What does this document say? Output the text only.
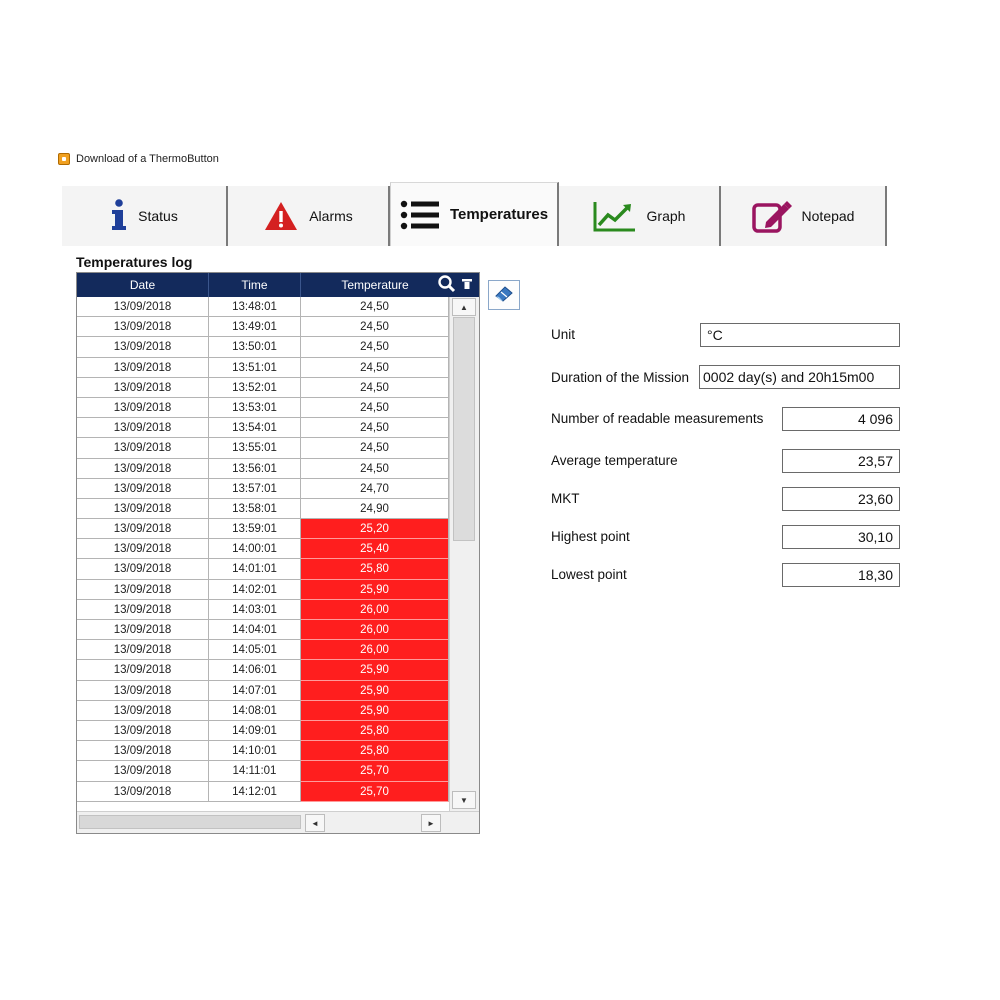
Download of a ThermoButton
Status	Alarms	Temperatures	Graph	Notepad
Temperatures log
Date	Time	Temperature
13/09/2018	13:48:01	24,50
13/09/2018	13:49:01	24,50
13/09/2018	13:50:01	24,50
13/09/2018	13:51:01	24,50
13/09/2018	13:52:01	24,50
13/09/2018	13:53:01	24,50
13/09/2018	13:54:01	24,50
13/09/2018	13:55:01	24,50
13/09/2018	13:56:01	24,50
13/09/2018	13:57:01	24,70
13/09/2018	13:58:01	24,90
13/09/2018	13:59:01	25,20
13/09/2018	14:00:01	25,40
13/09/2018	14:01:01	25,80
13/09/2018	14:02:01	25,90
13/09/2018	14:03:01	26,00
13/09/2018	14:04:01	26,00
13/09/2018	14:05:01	26,00
13/09/2018	14:06:01	25,90
13/09/2018	14:07:01	25,90
13/09/2018	14:08:01	25,90
13/09/2018	14:09:01	25,80
13/09/2018	14:10:01	25,80
13/09/2018	14:11:01	25,70
13/09/2018	14:12:01	25,70
▲
▼
◄	►
Unit	°C
Duration of the Mission 0002 day(s) and 20h15m00
Number of readable measurements	4 096
Average temperature	23,57
MKT	23,60
Highest point	30,10
Lowest point	18,30
